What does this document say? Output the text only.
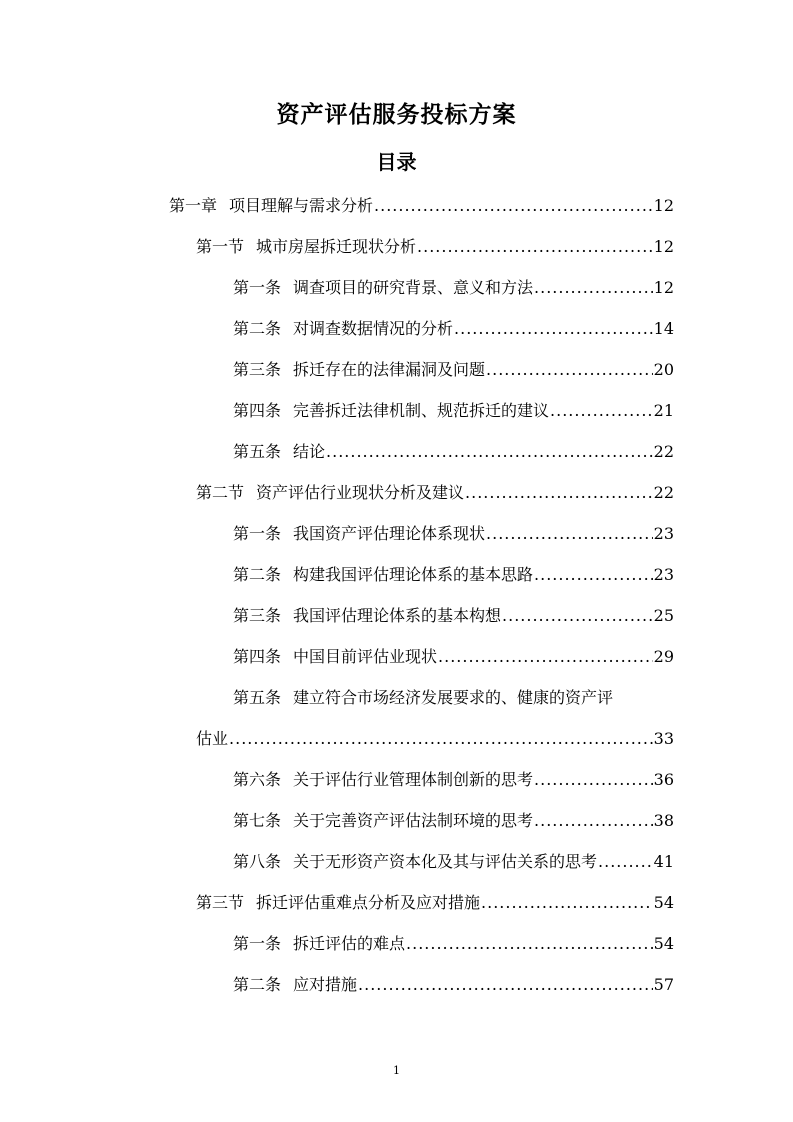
资产评估服务投标方案
目录
第一章 项目理解与需求分析 .....	12
第一节 城市房屋拆迁现状分析 .....	12
第一条 调查项目的研究背景、意义和方法 .....	12
第二条 对调查数据情况的分析 .....	14
第三条 拆迁存在的法律漏洞及问题 .....	20
第四条 完善拆迁法律机制、规范拆迁的建议 .....	21
第五条 结论 .....	22
第二节 资产评估行业现状分析及建议 .....	22
第一条 我国资产评估理论体系现状 .....	23
第二条 构建我国评估理论体系的基本思路 .....	23
第三条 我国评估理论体系的基本构想 .....	25
第四条 中国目前评估业现状 .....	29
第五条 建立符合市场经济发展要求的、健康的资产评
估业 .....	33
第六条 关于评估行业管理体制创新的思考 .....	36
第七条 关于完善资产评估法制环境的思考 .....	38
第八条 关于无形资产资本化及其与评估关系的思考 .....	41
第三节 拆迁评估重难点分析及应对措施 .....	54
第一条 拆迁评估的难点 .....	54
第二条 应对措施 .....	57
1
